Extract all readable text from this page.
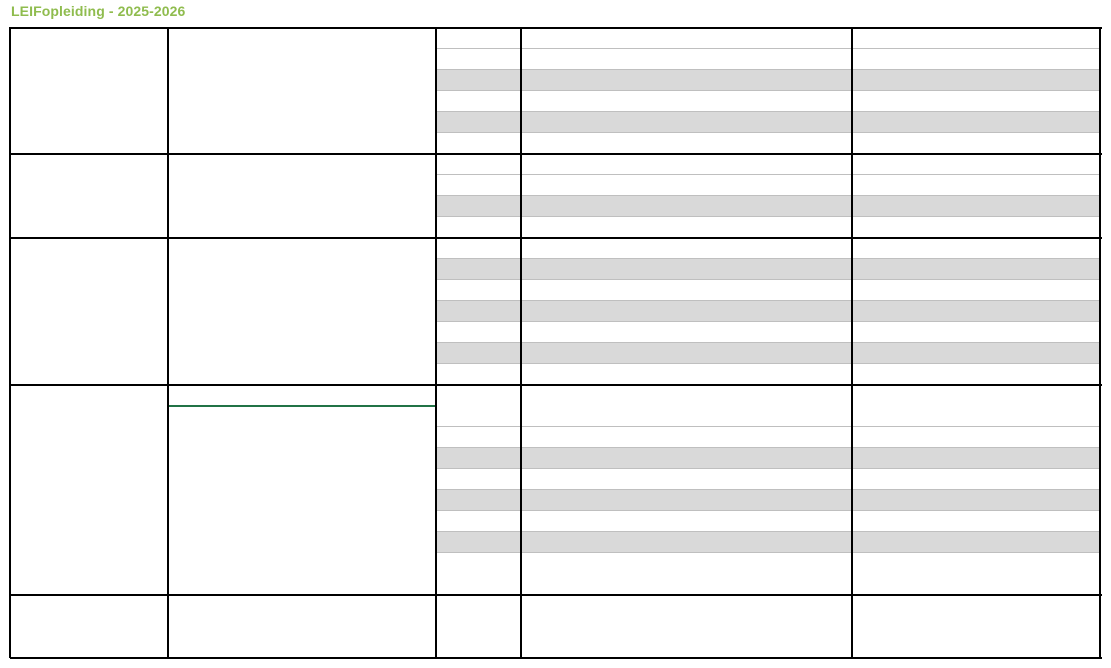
LEIFopleiding - 2025-2026
